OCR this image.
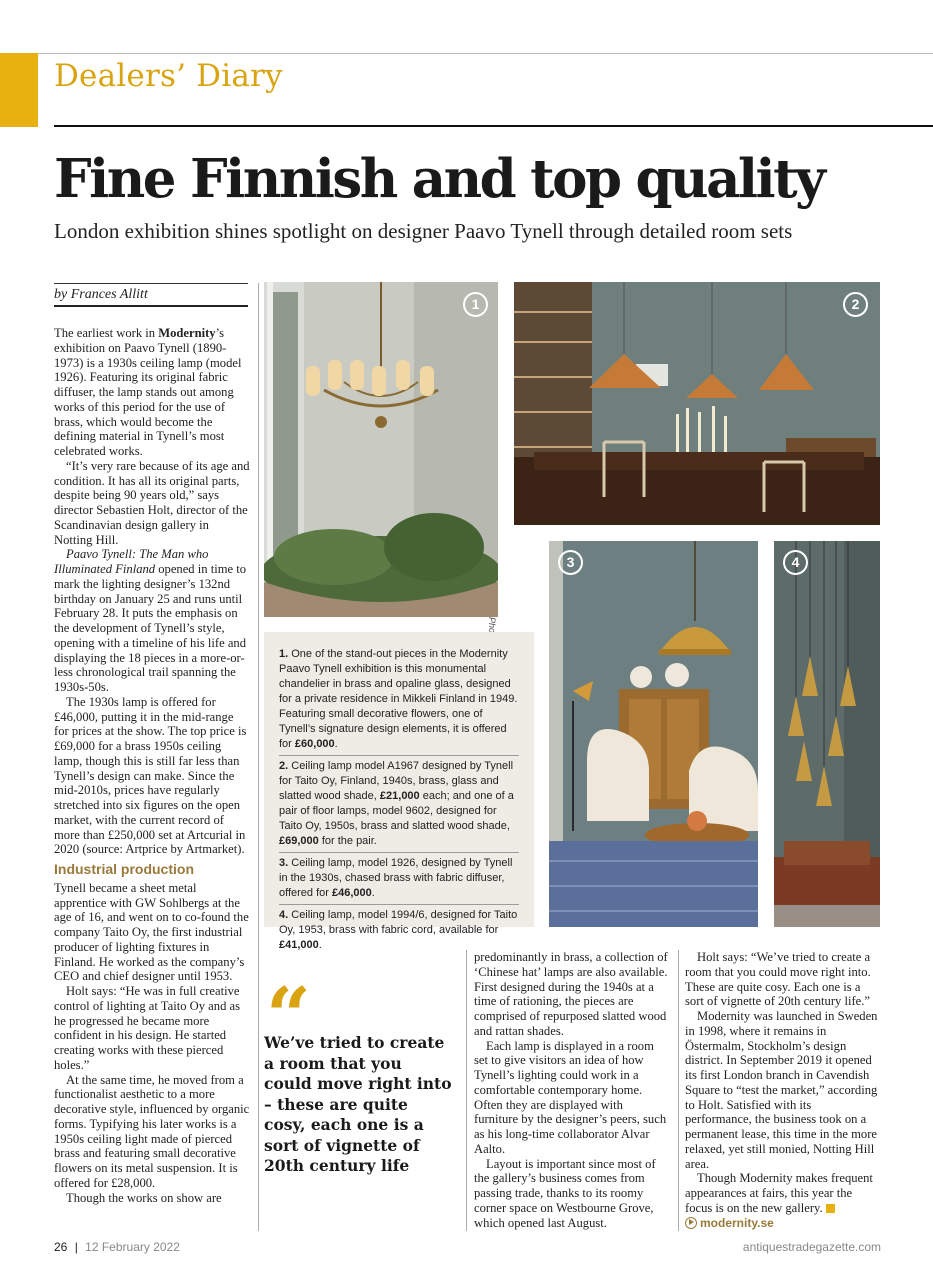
Dealers’ Diary
Fine Finnish and top quality
London exhibition shines spotlight on designer Paavo Tynell through detailed room sets
by Frances Allitt

The earliest work in Modernity’s exhibition on Paavo Tynell (1890-1973) is a 1930s ceiling lamp (model 1926). Featuring its original fabric diffuser, the lamp stands out among works of this period for the use of brass, which would become the defining material in Tynell’s most celebrated works.

“It’s very rare because of its age and condition. It has all its original parts, despite being 90 years old,” says director Sebastien Holt, director of the Scandinavian design gallery in Notting Hill.

Paavo Tynell: The Man who Illuminated Finland opened in time to mark the lighting designer’s 132nd birthday on January 25 and runs until February 28. It puts the emphasis on the development of Tynell’s style, opening with a timeline of his life and displaying the 18 pieces in a more-or-less chronological trail spanning the 1930s-50s.

The 1930s lamp is offered for £46,000, putting it in the mid-range for prices at the show. The top price is £69,000 for a brass 1950s ceiling lamp, though this is still far less than Tynell’s design can make. Since the mid-2010s, prices have regularly stretched into six figures on the open market, with the current record of more than £250,000 set at Artcurial in 2020 (source: Artprice by Artmarket).

Industrial production

Tynell became a sheet metal apprentice with GW Sohlbergs at the age of 16, and went on to co-found the company Taito Oy, the first industrial producer of lighting fixtures in Finland. He worked as the company’s CEO and chief designer until 1953.

Holt says: “He was in full creative control of lighting at Taito Oy and as he progressed he became more confident in his design. He started creating works with these pierced holes.”

At the same time, he moved from a functionalist aesthetic to a more decorative style, influenced by organic forms. Typifying his later works is a 1950s ceiling light made of pierced brass and featuring small decorative flowers on its metal suspension. It is offered for £28,000.

Though the works on show are

1	2
3	4
1. One of the stand-out pieces in the Modernity Paavo Tynell exhibition is this monumental chandelier in brass and opaline glass, designed for a private residence in Mikkeli Finland in 1949. Featuring small decorative flowers, one of Tynell’s signature design elements, it is offered for £60,000.
2. Ceiling lamp model A1967 designed by Tynell for Taito Oy, Finland, 1940s, brass, glass and slatted wood shade, £21,000 each; and one of a pair of floor lamps, model 9602, designed for Taito Oy, 1950s, brass and slatted wood shade, £69,000 for the pair.
3. Ceiling lamp, model 1926, designed by Tynell in the 1930s, chased brass with fabric diffuser, offered for £46,000.
4. Ceiling lamp, model 1994/6, designed for Taito Oy, 1953, brass with fabric cord, available for £41,000.
“
We’ve tried to create a room that you could move right into – these are quite cosy, each one is a sort of vignette of 20th century life

predominantly in brass, a collection of ‘Chinese hat’ lamps are also available. First designed during the 1940s at a time of rationing, the pieces are comprised of repurposed slatted wood and rattan shades.

Each lamp is displayed in a room set to give visitors an idea of how Tynell’s lighting could work in a comfortable contemporary home. Often they are displayed with furniture by the designer’s peers, such as his long-time collaborator Alvar Aalto.

Layout is important since most of the gallery’s business comes from passing trade, thanks to its roomy corner space on Westbourne Grove, which opened last August.

Holt says: “We’ve tried to create a room that you could move right into. These are quite cosy. Each one is a sort of vignette of 20th century life.”

Modernity was launched in Sweden in 1998, where it remains in Östermalm, Stockholm’s design district. In September 2019 it opened its first London branch in Cavendish Square to “test the market,” according to Holt. Satisfied with its performance, the business took on a permanent lease, this time in the more relaxed, yet still monied, Notting Hill area.

Though Modernity makes frequent appearances at fairs, this year the focus is on the new gallery.

modernity.se

26 | 12 February 2022	antiquestradegazette.com
